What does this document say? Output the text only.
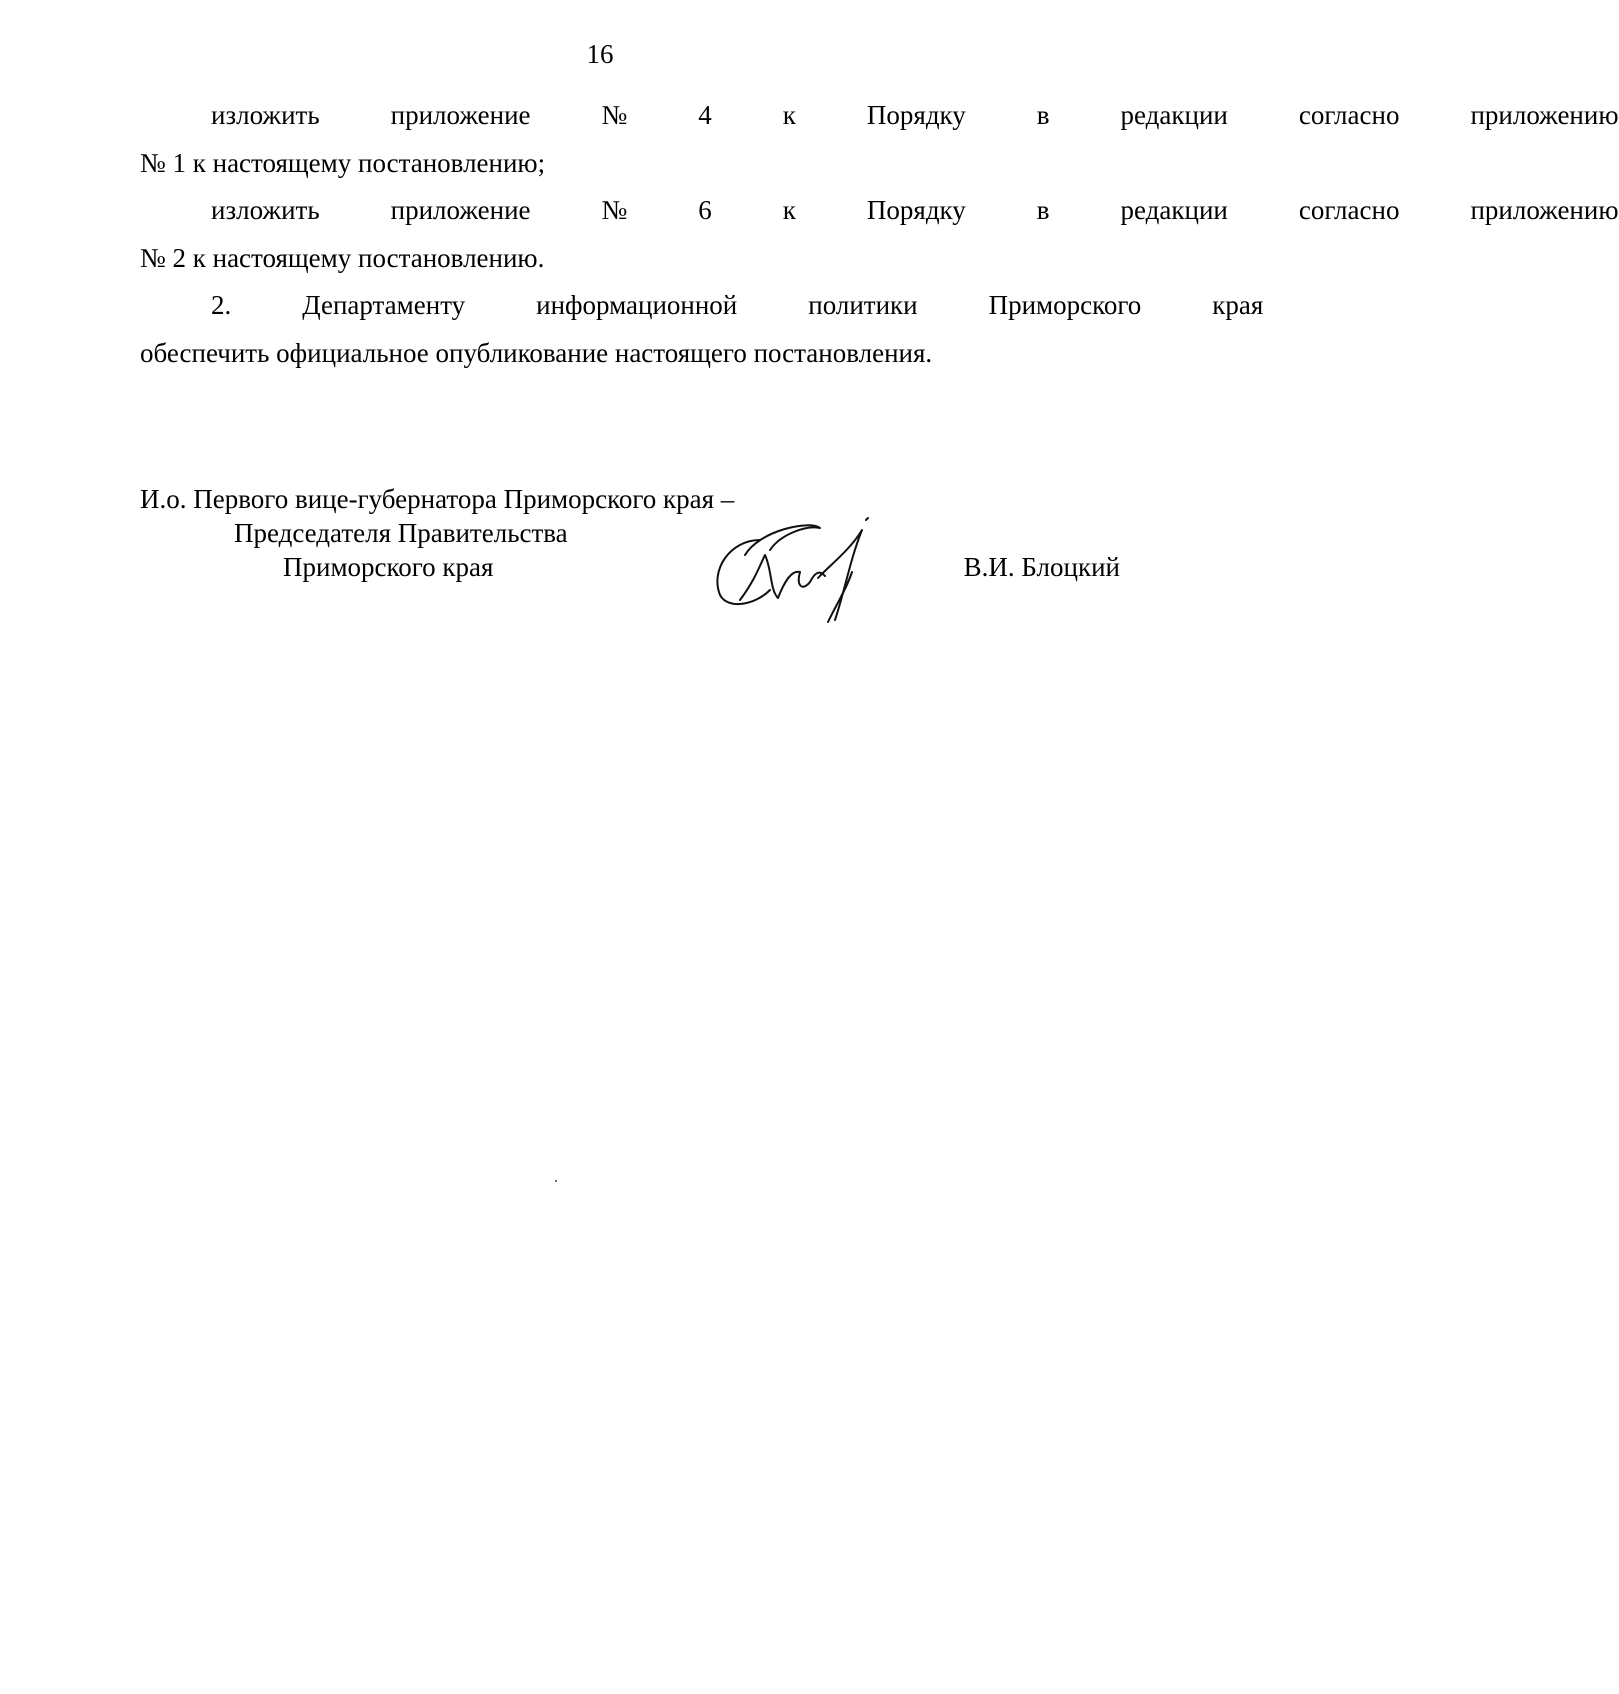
16

изложить	приложение	№	4	к	Порядку	в	редакции	согласно	приложению

№ 1 к настоящему постановлению;

изложить	приложение	№	6	к	Порядку	в	редакции	согласно	приложению

№ 2 к настоящему постановлению.

2.	Департаменту	информационной	политики	Приморского	края

обеспечить официальное опубликование настоящего постановления.

И.о. Первого вице-губернатора Приморского края –
Председателя Правительства
Приморского края	В.И. Блоцкий
